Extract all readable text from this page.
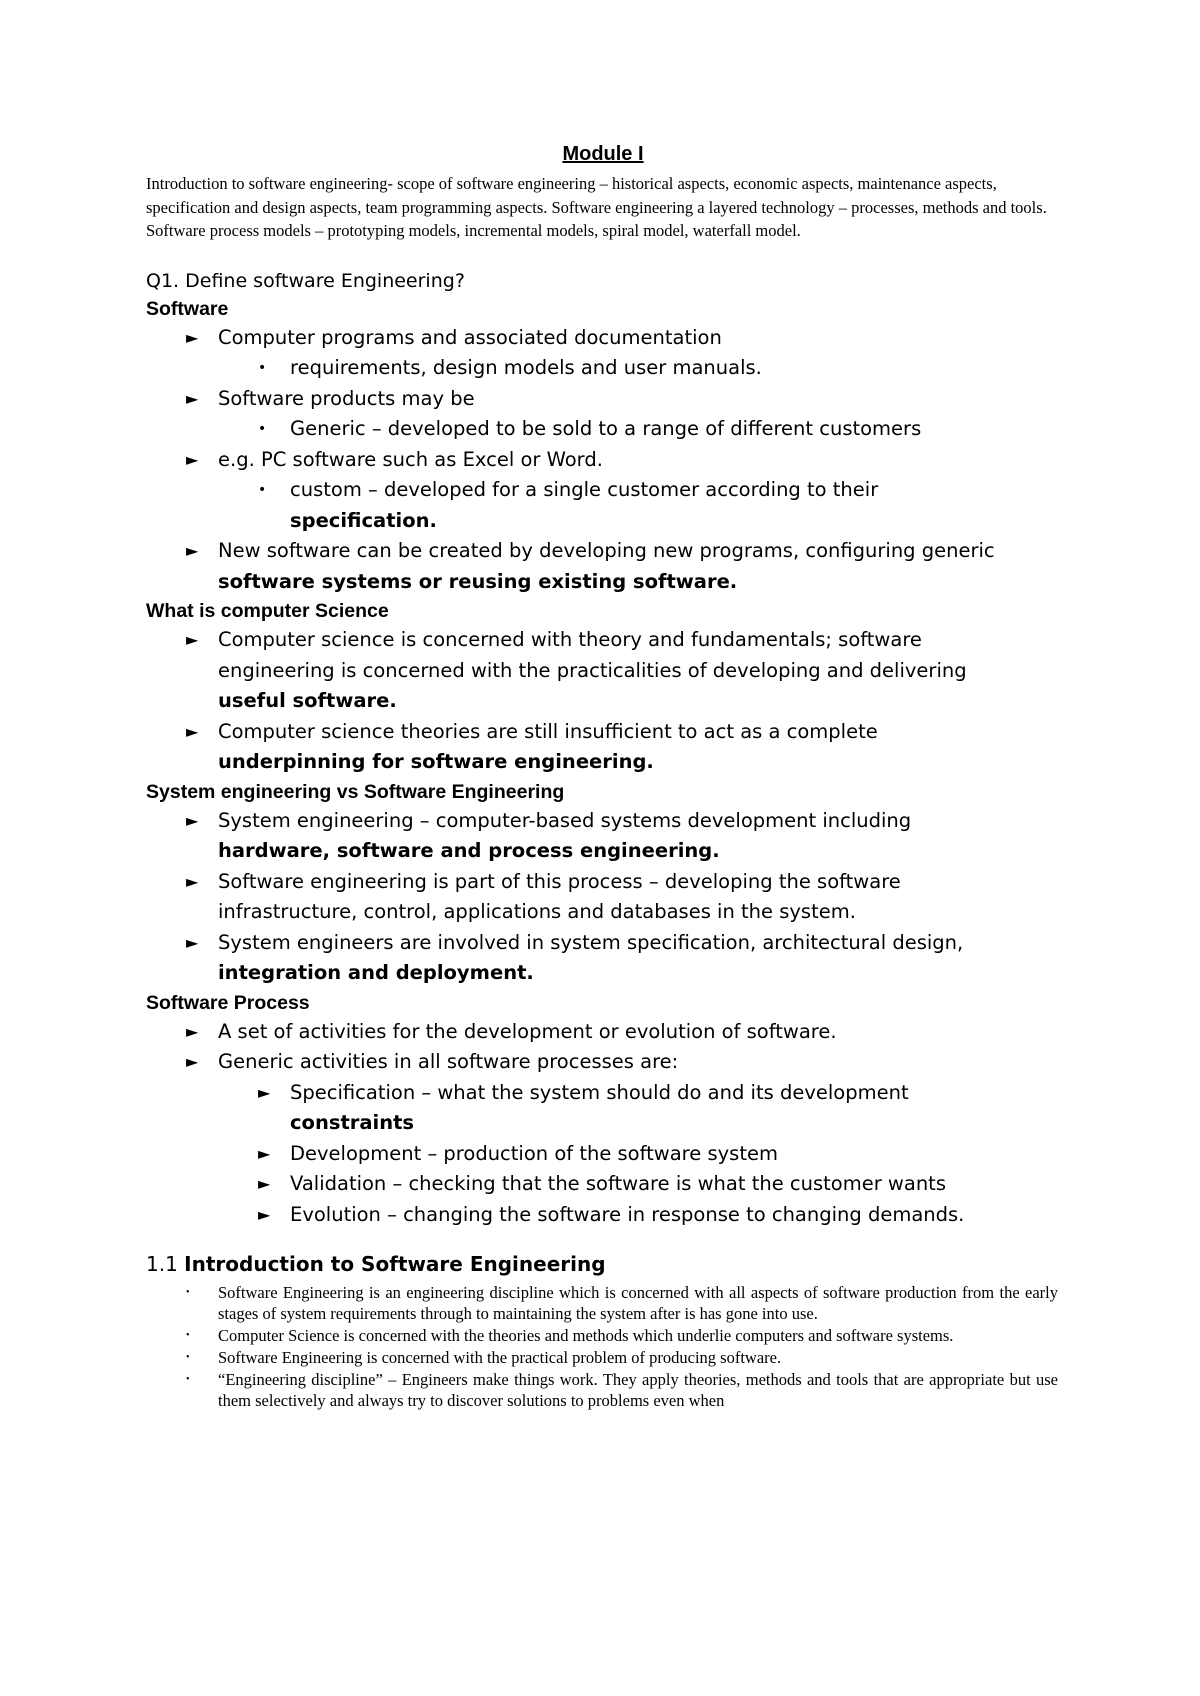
Module I

Introduction to software engineering- scope of software engineering – historical aspects, economic aspects, maintenance aspects, specification and design aspects, team programming aspects. Software engineering a layered technology – processes, methods and tools. Software process models – prototyping models, incremental models, spiral model, waterfall model.

Q1. Define software Engineering?

Software
► Computer programs and associated documentation
• requirements, design models and user manuals.
► Software products may be
• Generic – developed to be sold to a range of different customers
► e.g. PC software such as Excel or Word.
• custom – developed for a single customer according to their
specification.
► New software can be created by developing new programs, configuring generic
software systems or reusing existing software.
What is computer Science
► Computer science is concerned with theory and fundamentals; software
engineering is concerned with the practicalities of developing and delivering
useful software.
► Computer science theories are still insufficient to act as a complete
underpinning for software engineering.
System engineering vs Software Engineering
► System engineering – computer-based systems development including
hardware, software and process engineering.
► Software engineering is part of this process – developing the software
infrastructure, control, applications and databases in the system.
► System engineers are involved in system specification, architectural design,
integration and deployment.
Software Process
► A set of activities for the development or evolution of software.
► Generic activities in all software processes are:
► Specification – what the system should do and its development
constraints
► Development – production of the software system
► Validation – checking that the software is what the customer wants
► Evolution – changing the software in response to changing demands.
1.1 Introduction to Software Engineering
• Software Engineering is an engineering discipline which is concerned with all aspects of software production from the early stages of system requirements through to maintaining the system after is has gone into use.
• Computer Science is concerned with the theories and methods which underlie computers and software systems.
• Software Engineering is concerned with the practical problem of producing software.
• “Engineering discipline” – Engineers make things work. They apply theories, methods and tools that are appropriate but use them selectively and always try to discover solutions to problems even when
